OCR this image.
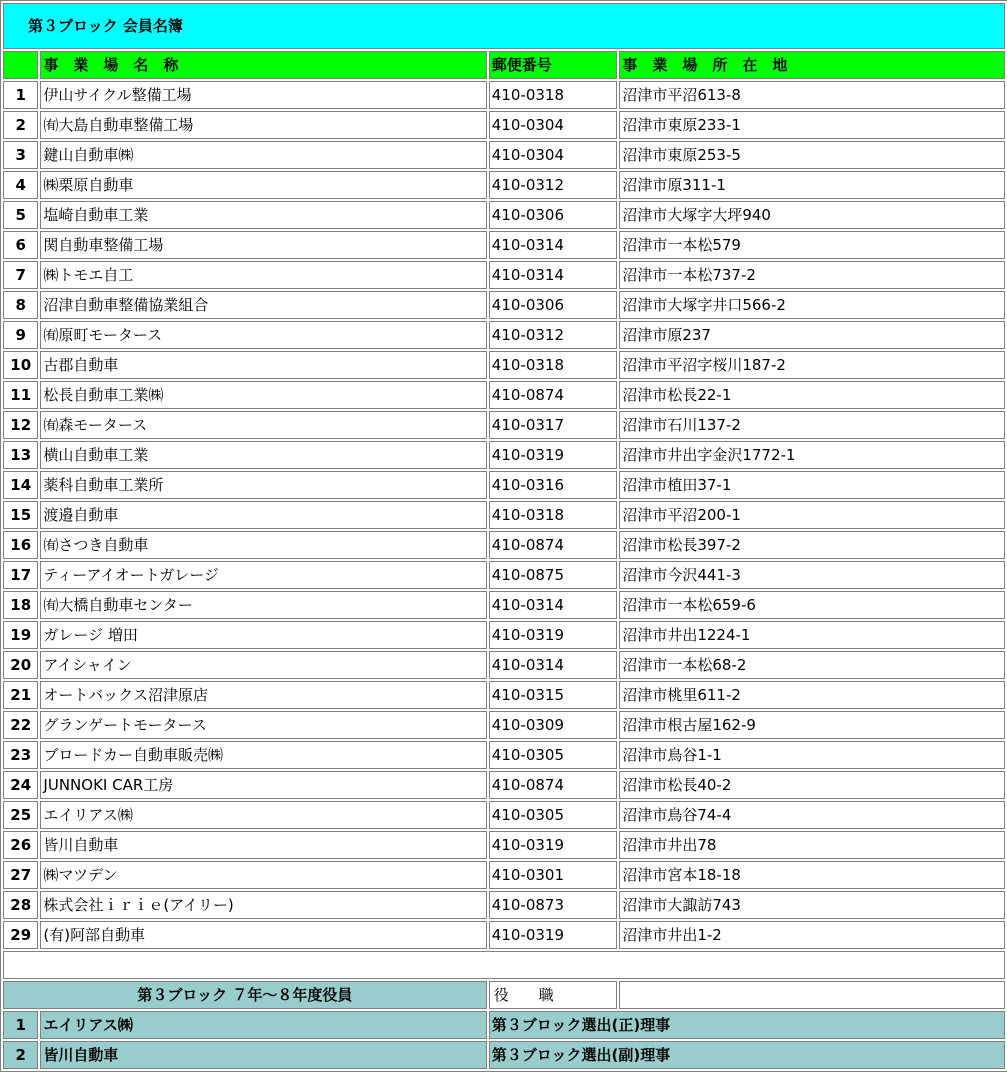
第３ブロック 会員名簿			
	事　業　場　名　称	郵便番号	事　業　場　所　在　地
1	伊山サイクル整備工場	410-0318	沼津市平沼613-8
2	㈲大島自動車整備工場	410-0304	沼津市東原233-1
3	鍵山自動車㈱	410-0304	沼津市東原253-5
4	㈱栗原自動車	410-0312	沼津市原311-1
5	塩崎自動車工業	410-0306	沼津市大塚字大坪940
6	関自動車整備工場	410-0314	沼津市一本松579
7	㈱トモエ自工	410-0314	沼津市一本松737-2
8	沼津自動車整備協業組合	410-0306	沼津市大塚字井口566-2
9	㈲原町モータース	410-0312	沼津市原237
10	古郡自動車	410-0318	沼津市平沼字桜川187-2
11	松長自動車工業㈱	410-0874	沼津市松長22-1
12	㈲森モータース	410-0317	沼津市石川137-2
13	横山自動車工業	410-0319	沼津市井出字金沢1772-1
14	薬科自動車工業所	410-0316	沼津市植田37-1
15	渡邉自動車	410-0318	沼津市平沼200-1
16	㈲さつき自動車	410-0874	沼津市松長397-2
17	ティーアイオートガレージ	410-0875	沼津市今沢441-3
18	㈲大橋自動車センター	410-0314	沼津市一本松659-6
19	ガレージ 増田	410-0319	沼津市井出1224-1
20	アイシャイン	410-0314	沼津市一本松68-2
21	オートバックス沼津原店	410-0315	沼津市桃里611-2
22	グランゲートモータース	410-0309	沼津市根古屋162-9
23	ブロードカー自動車販売㈱	410-0305	沼津市鳥谷1-1
24	JUNNOKI CAR工房	410-0874	沼津市松長40-2
25	エイリアス㈱	410-0305	沼津市鳥谷74-4
26	皆川自動車	410-0319	沼津市井出78
27	㈱マツデン	410-0301	沼津市宮本18-18
28	株式会社ｉｒｉｅ(アイリー)	410-0873	沼津市大諏訪743
29	(有)阿部自動車	410-0319	沼津市井出1-2

第３ブロック ７年～８年度役員		役　　職	
1	エイリアス㈱	第３ブロック選出(正)理事	
2	皆川自動車	第３ブロック選出(副)理事	
